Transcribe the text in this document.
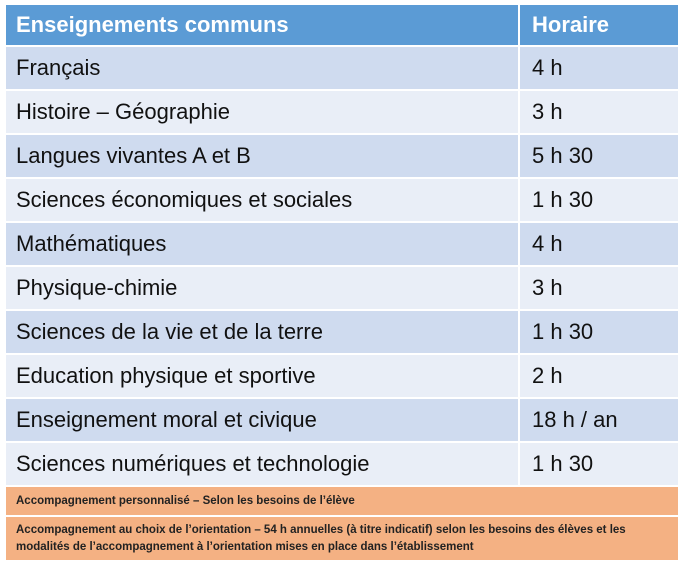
Enseignements communs	Horaire
Français	4 h
Histoire – Géographie	3 h
Langues vivantes A et B	5 h 30
Sciences économiques et sociales	1 h 30
Mathématiques	4 h
Physique-chimie	3 h
Sciences de la vie et de la terre	1 h 30
Education physique et sportive	2 h
Enseignement moral et civique	18 h / an
Sciences numériques et technologie	1 h 30
Accompagnement personnalisé – Selon les besoins de l’élève
Accompagnement au choix de l’orientation – 54 h annuelles (à titre indicatif) selon les besoins des élèves et les modalités de l’accompagnement à l’orientation mises en place dans l’établissement
